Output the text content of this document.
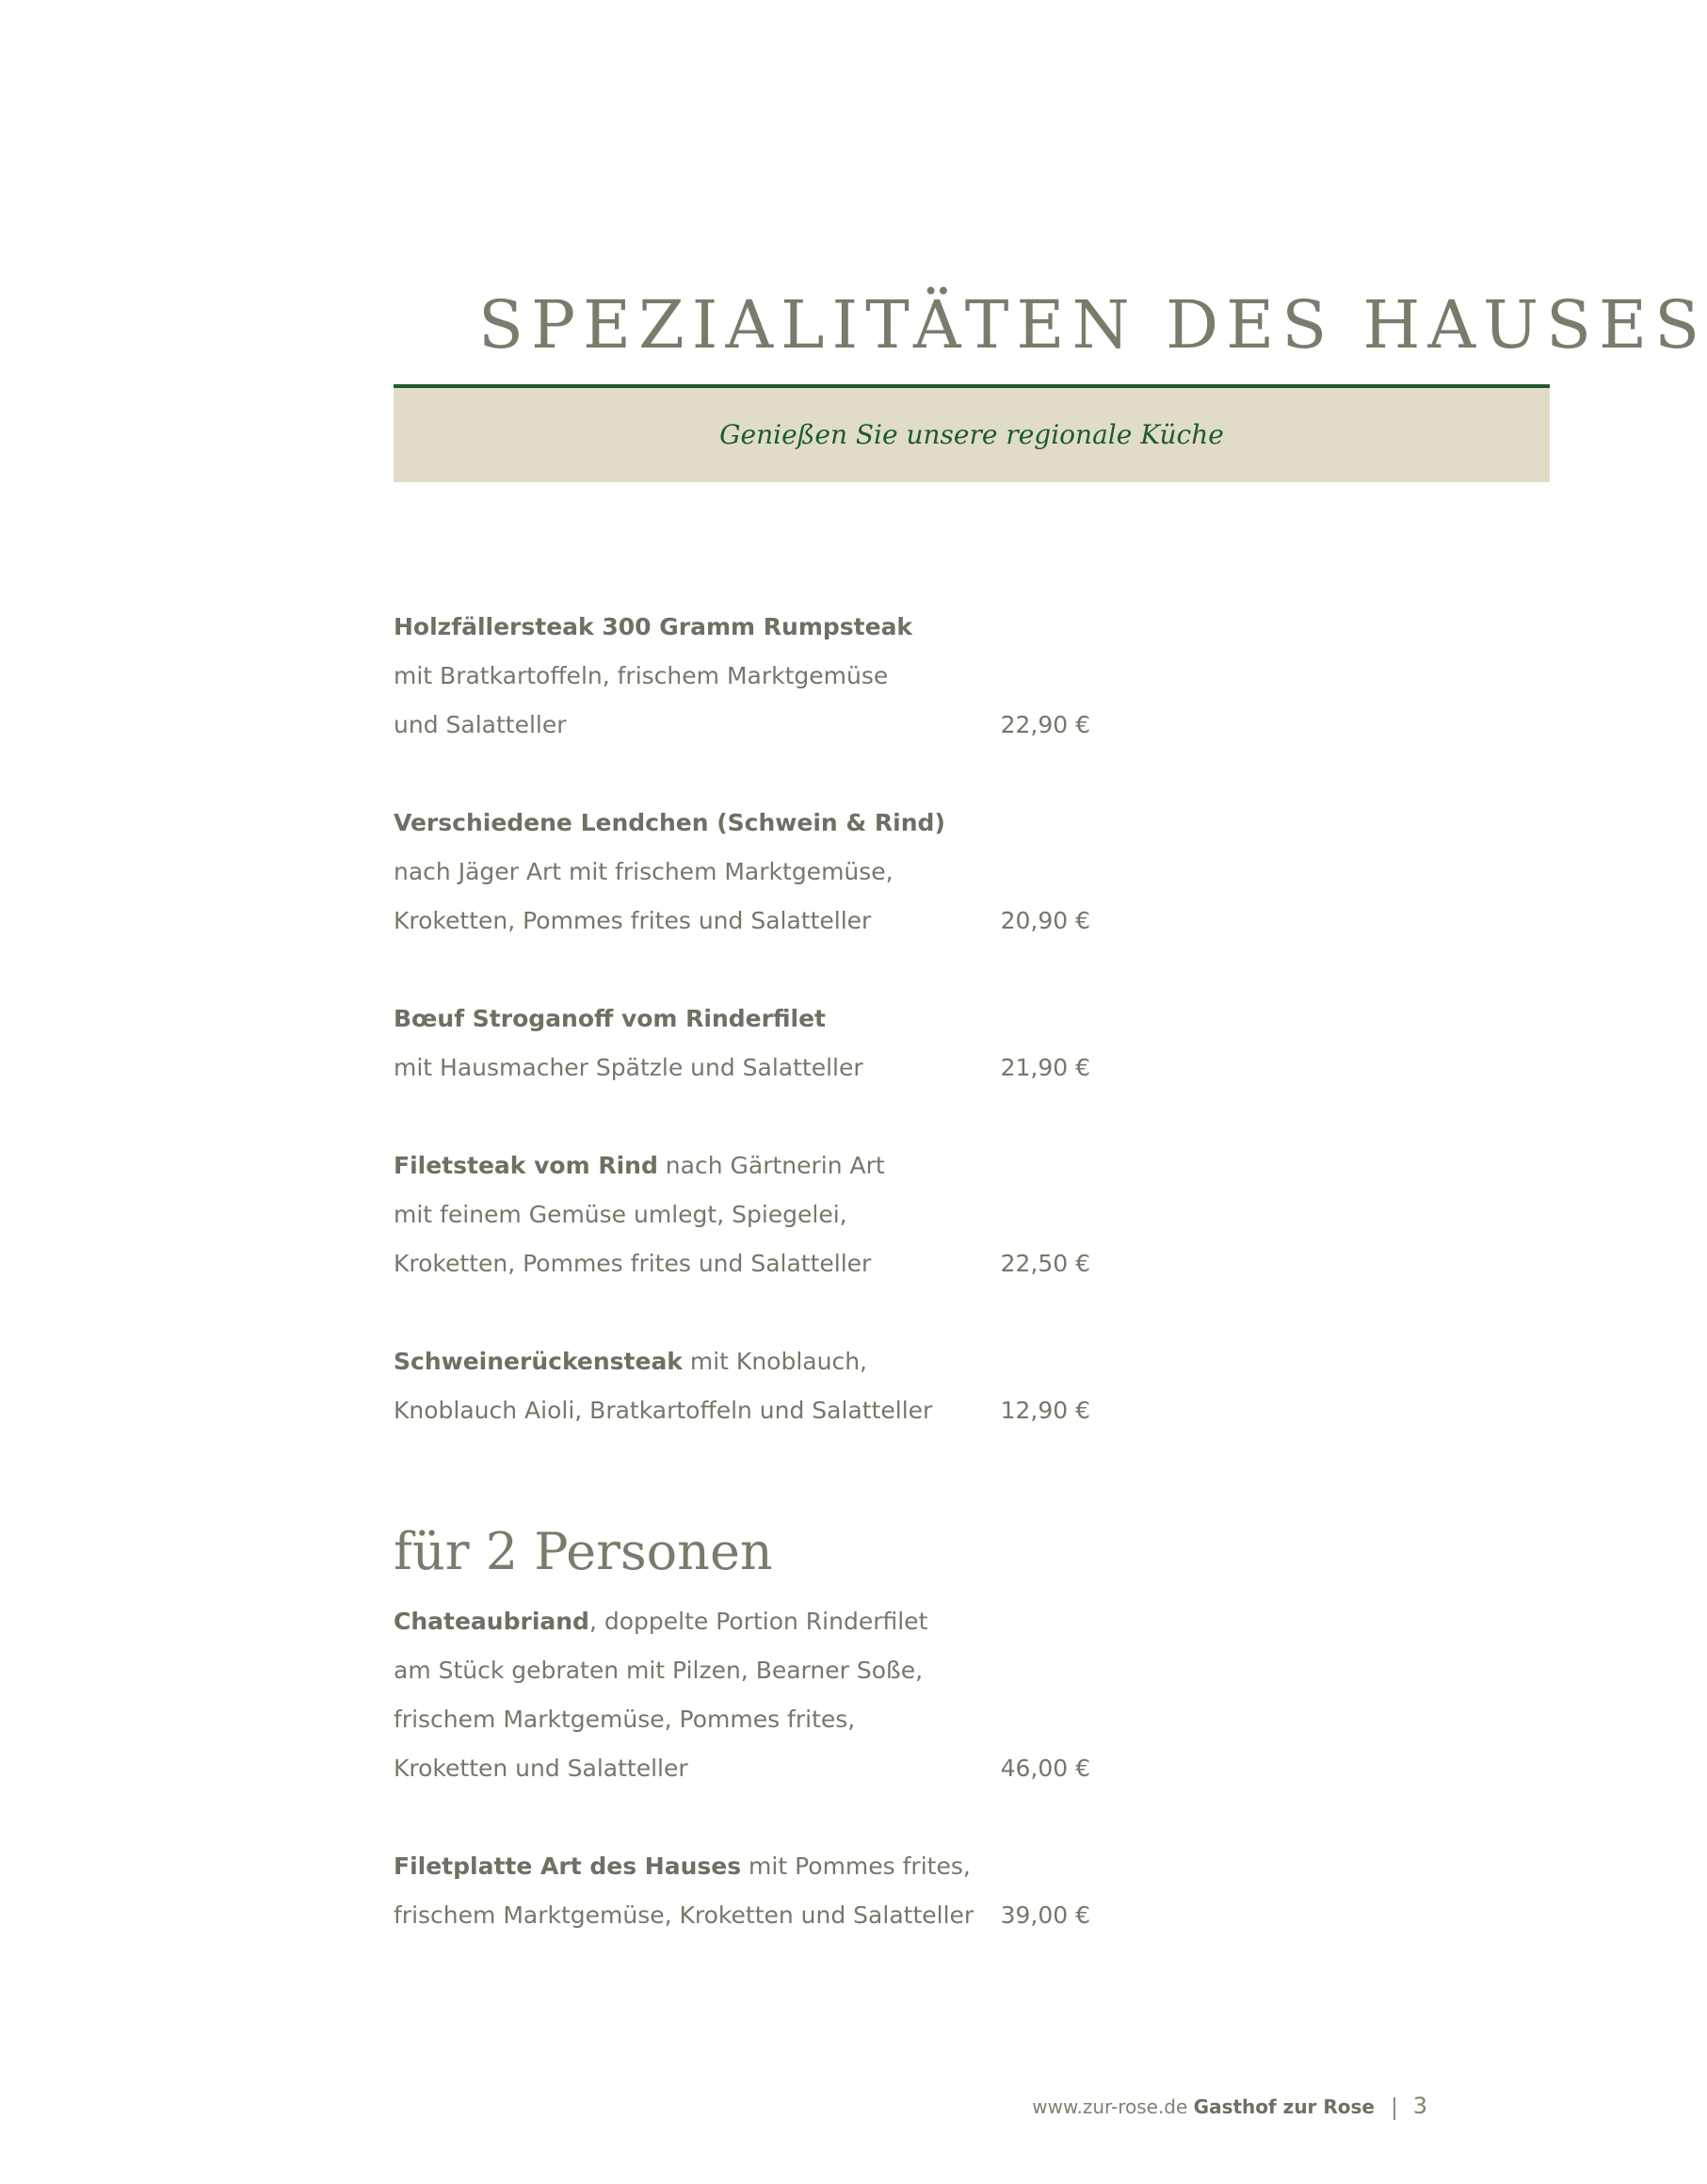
SPEZIALITÄTEN DES HAUSES
Genießen Sie unsere regionale Küche
Holzfällersteak 300 Gramm Rumpsteak
mit Bratkartoffeln, frischem Marktgemüse
und Salatteller	22,90 €
Verschiedene Lendchen (Schwein & Rind)
nach Jäger Art mit frischem Marktgemüse,
Kroketten, Pommes frites und Salatteller	20,90 €
Bœuf Stroganoff vom Rinderfilet
mit Hausmacher Spätzle und Salatteller	21,90 €
Filetsteak vom Rind nach Gärtnerin Art
mit feinem Gemüse umlegt, Spiegelei,
Kroketten, Pommes frites und Salatteller	22,50 €
Schweinerückensteak mit Knoblauch,
Knoblauch Aioli, Bratkartoffeln und Salatteller	12,90 €
für 2 Personen
Chateaubriand, doppelte Portion Rinderfilet
am Stück gebraten mit Pilzen, Bearner Soße,
frischem Marktgemüse, Pommes frites,
Kroketten und Salatteller	46,00 €
Filetplatte Art des Hauses mit Pommes frites,
frischem Marktgemüse, Kroketten und Salatteller 39,00 €
www.zur-rose.de Gasthof zur Rose 3
